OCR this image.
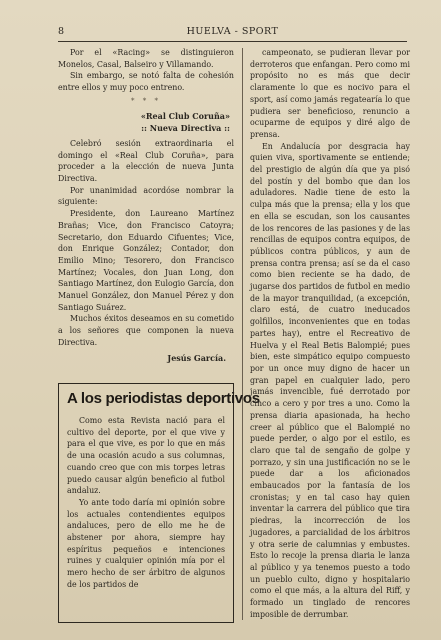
8	HUELVA - SPORT

Por el «Racing» se distinguieron Monelos, Casal, Balseiro y Villamando.

Sin embargo, se notó falta de cohesión entre ellos y muy poco entreno.

* * *
«Real Club Coruña»
:: Nueva Directiva ::

Celebró sesión extraordinaria el domingo el «Real Club Coruña», para proceder a la elección de nueva Junta Directiva.

Por unanimidad acordóse nombrar la siguiente:

Presidente, don Laureano Martínez Brañas; Vice, don Francisco Catoyra; Secretario, don Eduardo Cifuentes; Vice, don Enrique González; Contador, don Emilio Mino; Tesorero, don Francisco Martínez; Vocales, don Juan Long, don Santiago Martínez, don Eulogio García, don Manuel González, don Manuel Pérez y don Santiago Suárez.

Muchos éxitos deseamos en su cometido a los señores que componen la nueva Directiva.

Jesús García.
A los periodistas deportivos

Como esta Revista nació para el cultivo del deporte, por el que vive y para el que vive, es por lo que en más de una ocasión acudo a sus columnas, cuando creo que con mis torpes letras puedo causar algún beneficio al futbol andaluz.

Yo ante todo daría mi opinión sobre los actuales contendientes equipos andaluces, pero de ello me he de abstener por ahora, siempre hay espíritus pequeños e intenciones ruines y cualquier opinión mía por el mero hecho de ser árbitro de algunos de los partidos de

campeonato, se pudieran llevar por derroteros que enfangan. Pero como mi propósito no es más que decir claramente lo que es nocivo para el sport, así como jamás regatearía lo que pudiera ser beneficioso, renuncio a ocuparme de equipos y diré algo de prensa.

En Andalucía por desgracia hay quien viva, sportivamente se entiende; del prestigio de algún día que ya pisó del postín y del bombo que dan los aduladores. Nadie tiene de esto la culpa más que la prensa; ella y los que en ella se escudan, son los causantes de los rencores de las pasiones y de las rencillas de equipos contra equipos, de públicos contra públicos, y aun de prensa contra prensa; así se da el caso como bien reciente se ha dado, de jugarse dos partidos de futbol en medio de la mayor tranquilidad, (a excepción, claro está, de cuatro ineducados golfillos, inconvenientes que en todas partes hay), entre el Recreativo de Huelva y el Real Betis Balompié; pues bien, este simpático equipo compuesto por un once muy digno de hacer un gran papel en cualquier lado, pero jamás invencible, fué derrotado por cinco a cero y por tres a uno. Como la prensa diaria apasionada, ha hecho creer al público que el Balompié no puede perder, o algo por el estilo, es claro que tal de sengaño de golpe y porrazo, y sin una justificación no se le puede dar a los aficionados embaucados por la fantasía de los cronistas; y en tal caso hay quien inventar la carrera del público que tira piedras, la incorrección de los jugadores, a parcialidad de los árbitros y otra serie de calumnias y embustes. Esto lo recoje la prensa diaria le lanza al público y ya tenemos puesto a todo un pueblo culto, digno y hospitalario como el que más, a la altura del Riff, y formado un tinglado de rencores imposible de derrumbar.
